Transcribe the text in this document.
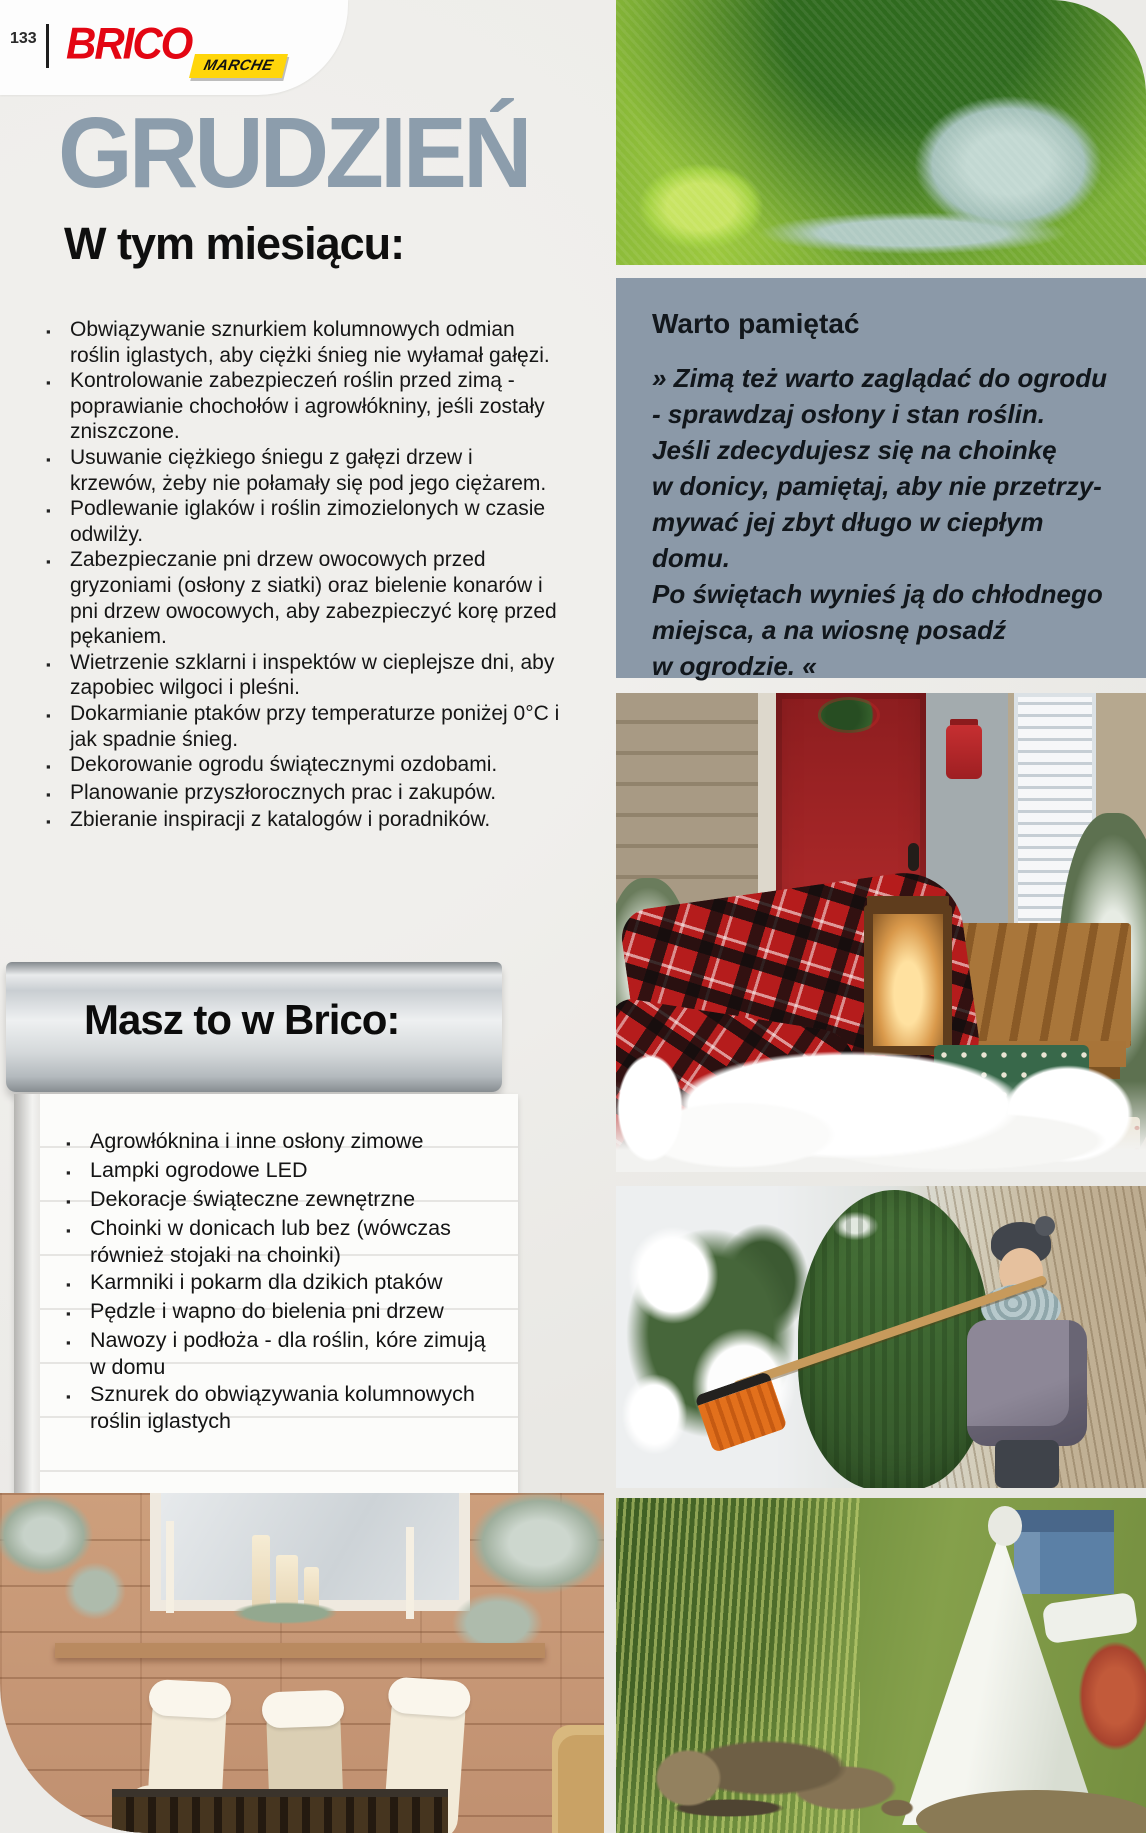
133 BRICO MARCHE
GRUDZIEŃ
W tym miesiącu:
▪ Obwiązywanie sznurkiem kolumnowych odmian roślin iglastych, aby ciężki śnieg nie wyłamał gałęzi.
▪ Kontrolowanie zabezpieczeń roślin przed zimą - poprawianie chochołów i agrowłókniny, jeśli zostały zniszczone.
▪ Usuwanie ciężkiego śniegu z gałęzi drzew i krzewów, żeby nie połamały się pod jego ciężarem.
▪ Podlewanie iglaków i roślin zimozielonych w czasie odwilży.
▪ Zabezpieczanie pni drzew owocowych przed gryzoniami (osłony z siatki) oraz bielenie konarów i pni drzew owocowych, aby zabezpieczyć korę przed pękaniem.
▪ Wietrzenie szklarni i inspektów w cieplejsze dni, aby zapobiec wilgoci i pleśni.
▪ Dokarmianie ptaków przy temperaturze poniżej 0°C i jak spadnie śnieg.
▪ Dekorowanie ogrodu świątecznymi ozdobami.
▪ Planowanie przyszłorocznych prac i zakupów.
▪ Zbieranie inspiracji z katalogów i poradników.
Warto pamiętać
» Zimą też warto zaglądać do ogrodu
- sprawdzaj osłony i stan roślin.
Jeśli zdecydujesz się na choinkę
w donicy, pamiętaj, aby nie przetrzy-
mywać jej zbyt długo w ciepłym domu.
Po świętach wynieś ją do chłodnego
miejsca, a na wiosnę posadź
w ogrodzie. «
Masz to w Brico:
▪ Agrowłóknina i inne osłony zimowe
▪ Lampki ogrodowe LED
▪ Dekoracje świąteczne zewnętrzne
▪ Choinki w donicach lub bez (wówczas również stojaki na choinki)
▪ Karmniki i pokarm dla dzikich ptaków
▪ Pędzle i wapno do bielenia pni drzew
▪ Nawozy i podłoża - dla roślin, kóre zimują w domu
▪ Sznurek do obwiązywania kolumnowych roślin iglastych
